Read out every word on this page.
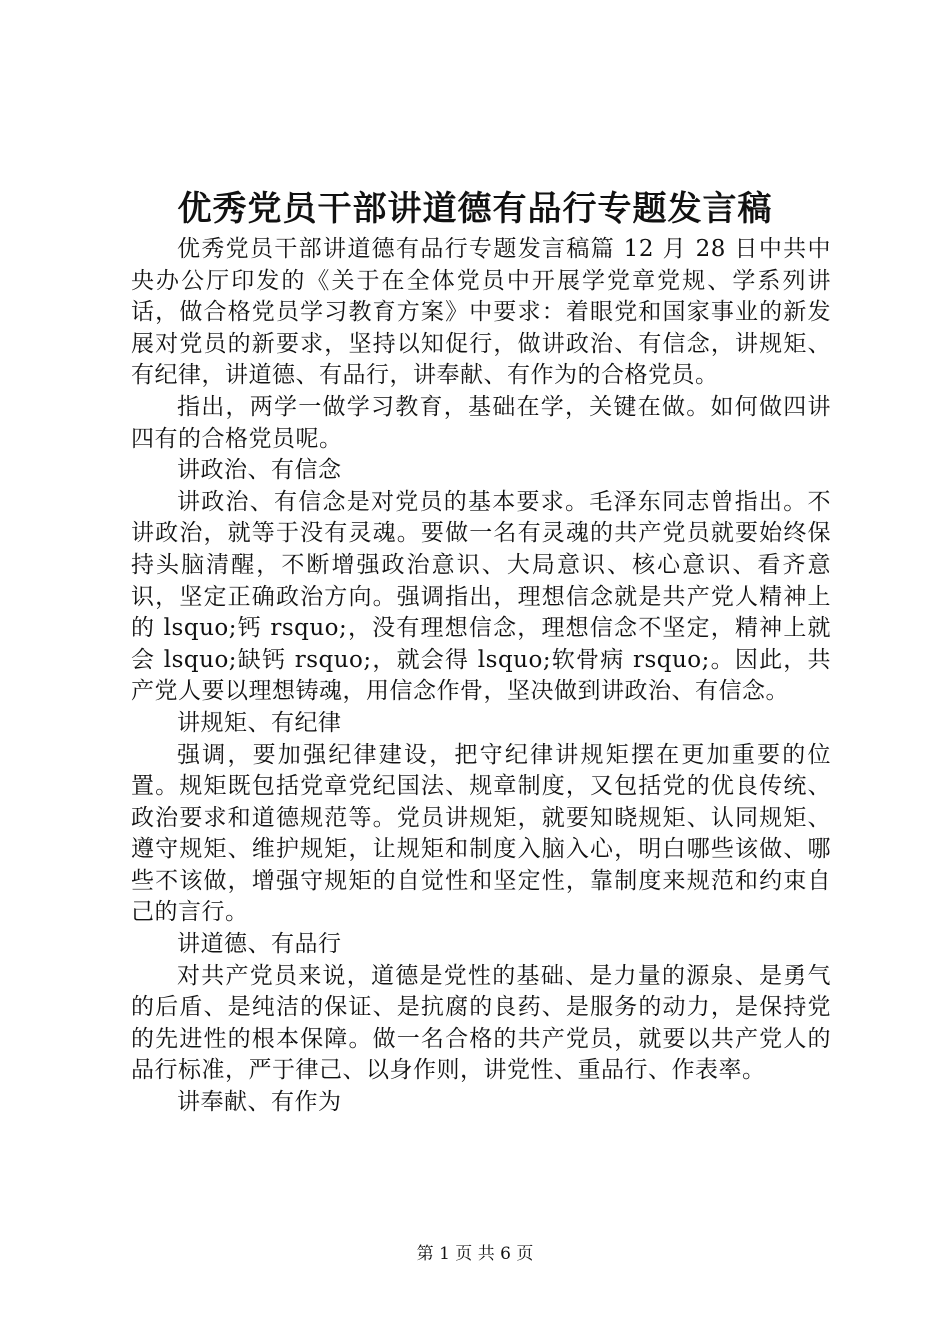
优秀党员干部讲道德有品行专题发言稿

优秀党员干部讲道德有品行专题发言稿篇 12 月 28 日中共中央办公厅印发的《关于在全体党员中开展学党章党规、学系列讲话，做合格党员学习教育方案》中要求：着眼党和国家事业的新发展对党员的新要求，坚持以知促行，做讲政治、有信念，讲规矩、有纪律，讲道德、有品行，讲奉献、有作为的合格党员。

指出，两学一做学习教育，基础在学，关键在做。如何做四讲四有的合格党员呢。

讲政治、有信念

讲政治、有信念是对党员的基本要求。毛泽东同志曾指出。不讲政治，就等于没有灵魂。要做一名有灵魂的共产党员就要始终保持头脑清醒，不断增强政治意识、大局意识、核心意识、看齐意识，坚定正确政治方向。强调指出，理想信念就是共产党人精神上的 lsquo;钙 rsquo;，没有理想信念，理想信念不坚定，精神上就会 lsquo;缺钙 rsquo;，就会得 lsquo;软骨病 rsquo;。因此，共产党人要以理想铸魂，用信念作骨，坚决做到讲政治、有信念。

讲规矩、有纪律

强调，要加强纪律建设，把守纪律讲规矩摆在更加重要的位置。规矩既包括党章党纪国法、规章制度，又包括党的优良传统、政治要求和道德规范等。党员讲规矩，就要知晓规矩、认同规矩、遵守规矩、维护规矩，让规矩和制度入脑入心，明白哪些该做、哪些不该做，增强守规矩的自觉性和坚定性，靠制度来规范和约束自己的言行。

讲道德、有品行

对共产党员来说，道德是党性的基础、是力量的源泉、是勇气的后盾、是纯洁的保证、是抗腐的良药、是服务的动力，是保持党的先进性的根本保障。做一名合格的共产党员，就要以共产党人的品行标准，严于律己、以身作则，讲党性、重品行、作表率。

讲奉献、有作为

第 1 页 共 6 页
